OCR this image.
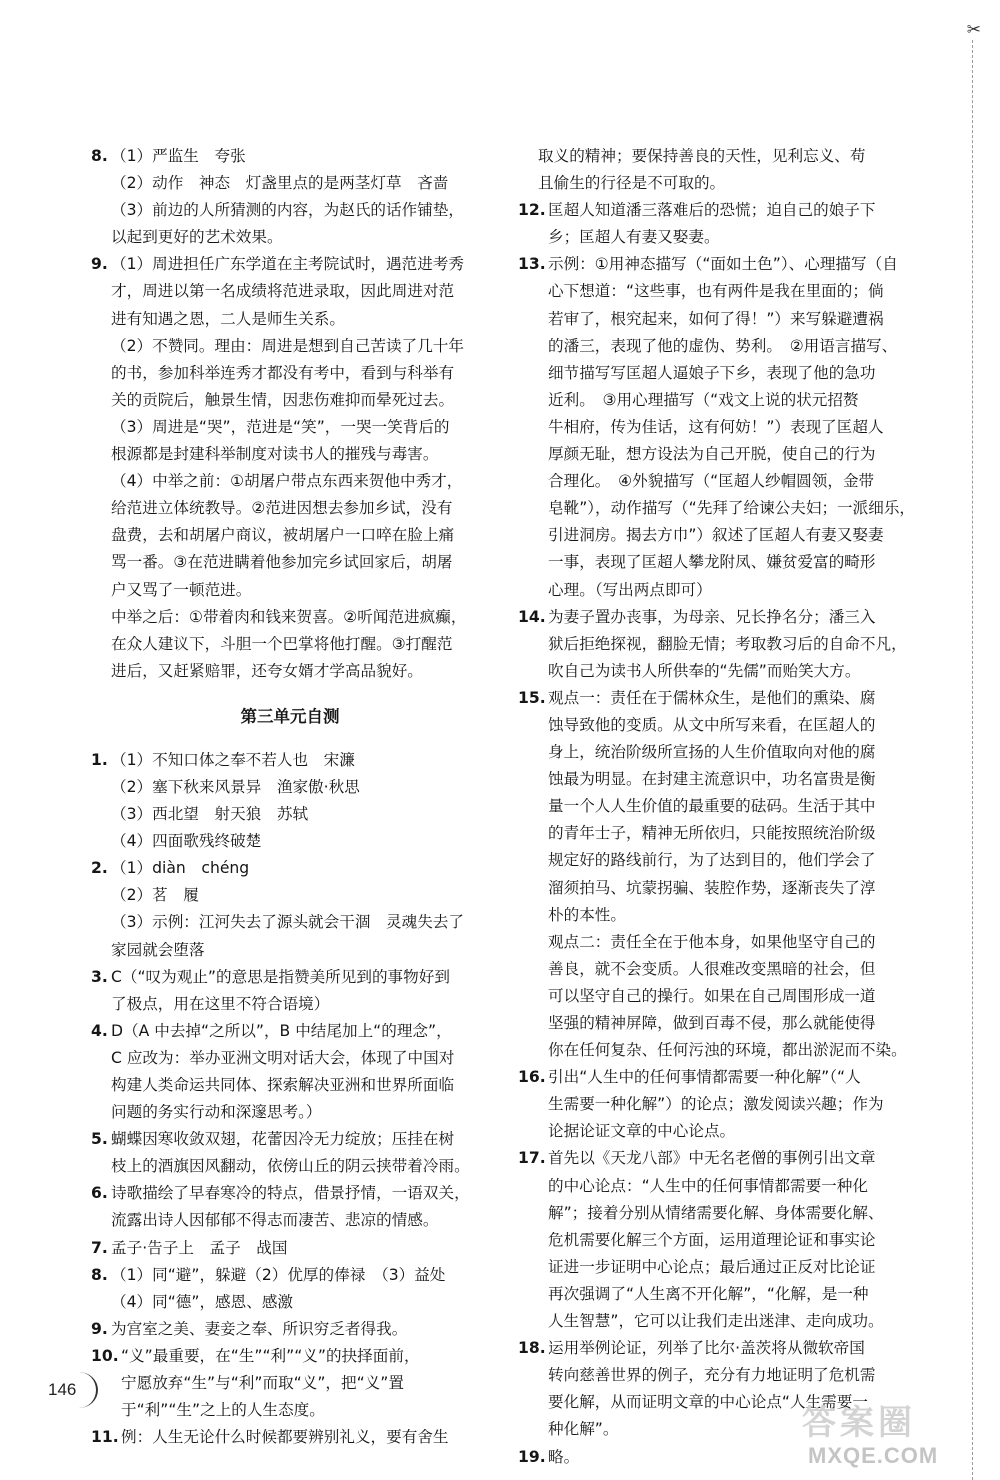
✂
8. （1）严监生　夸张
（2）动作　神态　灯盏里点的是两茎灯草　吝啬
（3）前边的人所猜测的内容，为赵氏的话作铺垫，
以起到更好的艺术效果。
9. （1）周进担任广东学道在主考院试时，遇范进考秀
才，周进以第一名成绩将范进录取，因此周进对范
进有知遇之恩，二人是师生关系。
（2）不赞同。理由：周进是想到自己苦读了几十年
的书，参加科举连秀才都没有考中，看到与科举有
关的贡院后，触景生情，因悲伤难抑而晕死过去。
（3）周进是“哭”，范进是“笑”，一哭一笑背后的
根源都是封建科举制度对读书人的摧残与毒害。
（4）中举之前：①胡屠户带点东西来贺他中秀才，
给范进立体统教导。②范进因想去参加乡试，没有
盘费，去和胡屠户商议，被胡屠户一口啐在脸上痛
骂一番。③在范进瞒着他参加完乡试回家后，胡屠
户又骂了一顿范进。
中举之后：①带着肉和钱来贺喜。②听闻范进疯癫，
在众人建议下，斗胆一个巴掌将他打醒。③打醒范
进后，又赶紧赔罪，还夸女婿才学高品貌好。
第三单元自测
1. （1）不知口体之奉不若人也　宋濂
（2）塞下秋来风景异　渔家傲·秋思
（3）西北望　射天狼　苏轼
（4）四面歌残终破楚
2. （1）diàn　chéng
（2）茗　履
（3）示例：江河失去了源头就会干涸　灵魂失去了
家园就会堕落
3. C（“叹为观止”的意思是指赞美所见到的事物好到
了极点，用在这里不符合语境）
4. D（A 中去掉“之所以”，B 中结尾加上“的理念”，
C 应改为：举办亚洲文明对话大会，体现了中国对
构建人类命运共同体、探索解决亚洲和世界所面临
问题的务实行动和深邃思考。）
5. 蝴蝶因寒收敛双翅，花蕾因冷无力绽放；压挂在树
枝上的酒旗因风翻动，依傍山丘的阴云挟带着冷雨。
6. 诗歌描绘了早春寒冷的特点，借景抒情，一语双关，
流露出诗人因郁郁不得志而凄苦、悲凉的情感。
7. 孟子·告子上　孟子　战国
8. （1）同“避”，躲避（2）优厚的俸禄　（3）益处
（4）同“德”，感恩、感激
9. 为宫室之美、妻妾之奉、所识穷乏者得我。
10. “义”最重要，在“生”“利”“义”的抉择面前，
宁愿放弃“生”与“利”而取“义”，把“义”置
于“利”“生”之上的人生态度。
11. 例：人生无论什么时候都要辨别礼义，要有舍生
取义的精神；要保持善良的天性，见利忘义、苟
且偷生的行径是不可取的。
12. 匡超人知道潘三落难后的恐慌；迫自己的娘子下
乡；匡超人有妻又娶妻。
13. 示例：①用神态描写（“面如土色”）、心理描写（自
心下想道：“这些事，也有两件是我在里面的；倘
若审了，根究起来，如何了得！”）来写躲避遭祸
的潘三，表现了他的虚伪、势利。　②用语言描写、
细节描写写匡超人逼娘子下乡，表现了他的急功
近利。　③用心理描写（“戏文上说的状元招赘
牛相府，传为佳话，这有何妨！”）表现了匡超人
厚颜无耻，想方设法为自己开脱，使自己的行为
合理化。　④外貌描写（“匡超人纱帽圆领，金带
皂靴”），动作描写（“先拜了给谏公夫妇；一派细乐，
引进洞房。揭去方巾”）叙述了匡超人有妻又娶妻
一事，表现了匡超人攀龙附凤、嫌贫爱富的畸形
心理。（写出两点即可）
14. 为妻子置办丧事，为母亲、兄长挣名分；潘三入
狱后拒绝探视，翻脸无情；考取教习后的自命不凡，
吹自己为读书人所供奉的“先儒”而贻笑大方。
15. 观点一：责任在于儒林众生，是他们的熏染、腐
蚀导致他的变质。从文中所写来看，在匡超人的
身上，统治阶级所宣扬的人生价值取向对他的腐
蚀最为明显。在封建主流意识中，功名富贵是衡
量一个人人生价值的最重要的砝码。生活于其中
的青年士子，精神无所依归，只能按照统治阶级
规定好的路线前行，为了达到目的，他们学会了
溜须拍马、坑蒙拐骗、装腔作势，逐渐丧失了淳
朴的本性。
观点二：责任全在于他本身，如果他坚守自己的
善良，就不会变质。人很难改变黑暗的社会，但
可以坚守自己的操行。如果在自己周围形成一道
坚强的精神屏障，做到百毒不侵，那么就能使得
你在任何复杂、任何污浊的环境，都出淤泥而不染。
16. 引出“人生中的任何事情都需要一种化解”（“人
生需要一种化解”）的论点；激发阅读兴趣；作为
论据论证文章的中心论点。
17. 首先以《天龙八部》中无名老僧的事例引出文章
的中心论点：“人生中的任何事情都需要一种化
解”；接着分别从情绪需要化解、身体需要化解、
危机需要化解三个方面，运用道理论证和事实论
证进一步证明中心论点；最后通过正反对比论证
再次强调了“人生离不开化解”，“化解，是一种
人生智慧”，它可以让我们走出迷津、走向成功。
18. 运用举例论证，列举了比尔·盖茨将从微软帝国
转向慈善世界的例子，充分有力地证明了危机需
要化解，从而证明文章的中心论点“人生需要一
种化解”。
19. 略。
146
答案圈
MXQE.COM
